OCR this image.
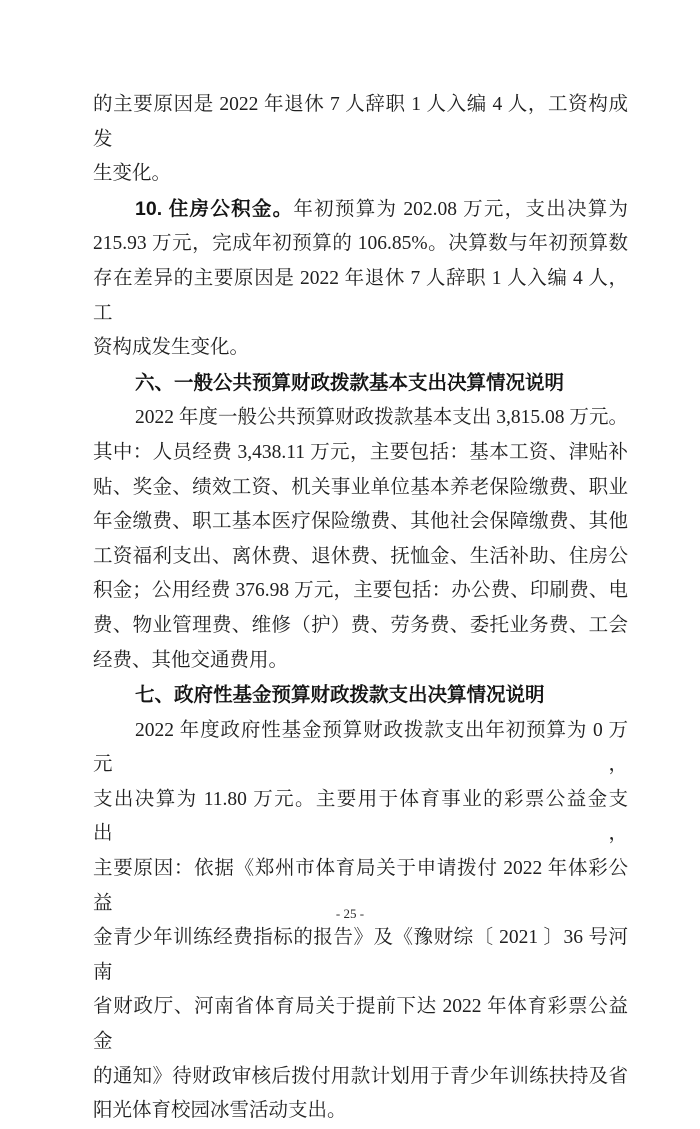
的主要原因是 2022 年退休 7 人辞职 1 人入编 4 人，工资构成发
生变化。
10. 住房公积金。年初预算为 202.08 万元，支出决算为
215.93 万元，完成年初预算的 106.85%。决算数与年初预算数
存在差异的主要原因是 2022 年退休 7 人辞职 1 人入编 4 人，工
资构成发生变化。
六、一般公共预算财政拨款基本支出决算情况说明
2022 年度一般公共预算财政拨款基本支出 3,815.08 万元。
其中：人员经费 3,438.11 万元，主要包括：基本工资、津贴补
贴、奖金、绩效工资、机关事业单位基本养老保险缴费、职业
年金缴费、职工基本医疗保险缴费、其他社会保障缴费、其他
工资福利支出、离休费、退休费、抚恤金、生活补助、住房公
积金；公用经费 376.98 万元，主要包括：办公费、印刷费、电
费、物业管理费、维修（护）费、劳务费、委托业务费、工会
经费、其他交通费用。
七、政府性基金预算财政拨款支出决算情况说明
2022 年度政府性基金预算财政拨款支出年初预算为 0 万元，
支出决算为 11.80 万元。主要用于体育事业的彩票公益金支出，
主要原因：依据《郑州市体育局关于申请拨付 2022 年体彩公益
金青少年训练经费指标的报告》及《豫财综〔 2021 〕36 号河南
省财政厅、河南省体育局关于提前下达 2022 年体育彩票公益金
的通知》待财政审核后拨付用款计划用于青少年训练扶持及省
阳光体育校园冰雪活动支出。
- 25 -
